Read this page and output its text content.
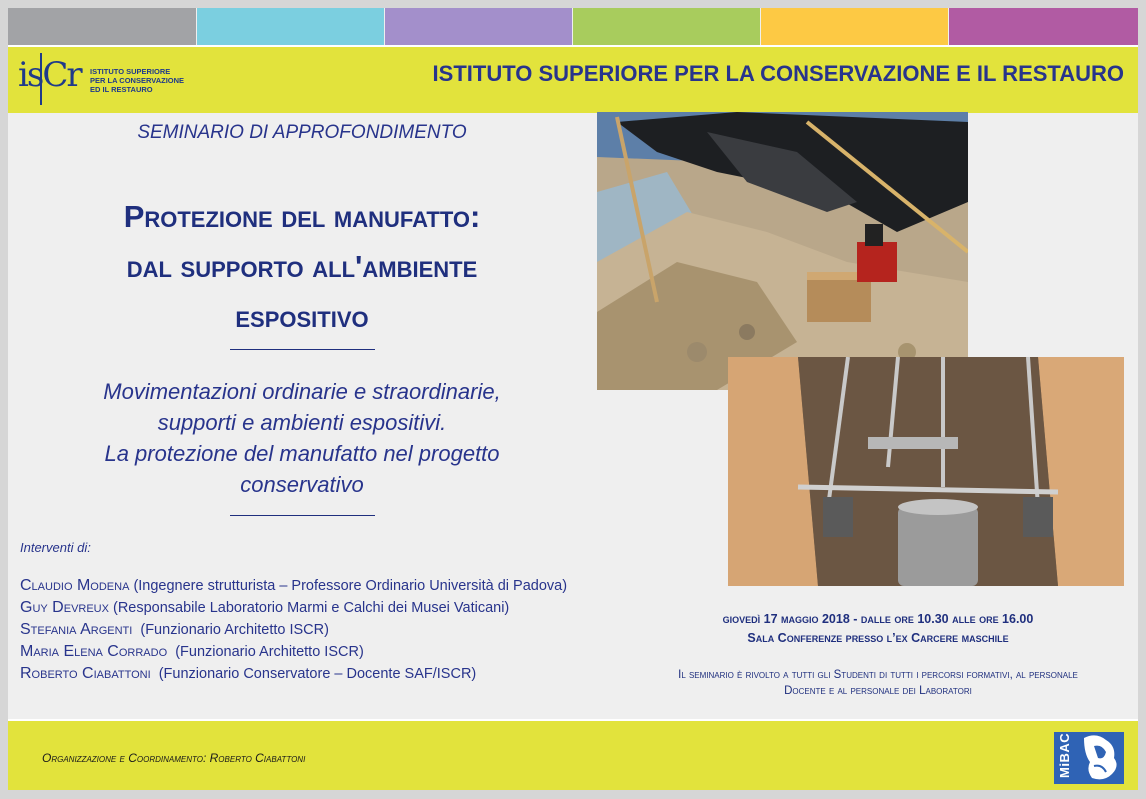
isCr ISTITUTO SUPERIORE
PER LA CONSERVAZIONE
ED IL RESTAURO
ISTITUTO SUPERIORE PER LA CONSERVAZIONE E IL RESTAURO
SEMINARIO DI APPROFONDIMENTO
Protezione del manufatto:
dal supporto all'ambiente
espositivo
Movimentazioni ordinarie e straordinarie,
supporti e ambienti espositivi.
La protezione del manufatto nel progetto
conservativo
Interventi di:
Claudio Modena (Ingegnere strutturista – Professore Ordinario Università di Padova)
Guy Devreux (Responsabile Laboratorio Marmi e Calchi dei Musei Vaticani)
Stefania Argenti (Funzionario Architetto ISCR)
Maria Elena Corrado (Funzionario Architetto ISCR)
Roberto Ciabattoni (Funzionario Conservatore – Docente SAF/ISCR)
giovedì 17 maggio 2018 - dalle ore 10.30 alle ore 16.00
Sala Conferenze presso l’ex Carcere maschile
Il seminario è rivolto a tutti gli Studenti di tutti i percorsi formativi, al personale
Docente e al personale dei Laboratori
Organizzazione e Coordinamento: Roberto Ciabattoni	MiBAC
